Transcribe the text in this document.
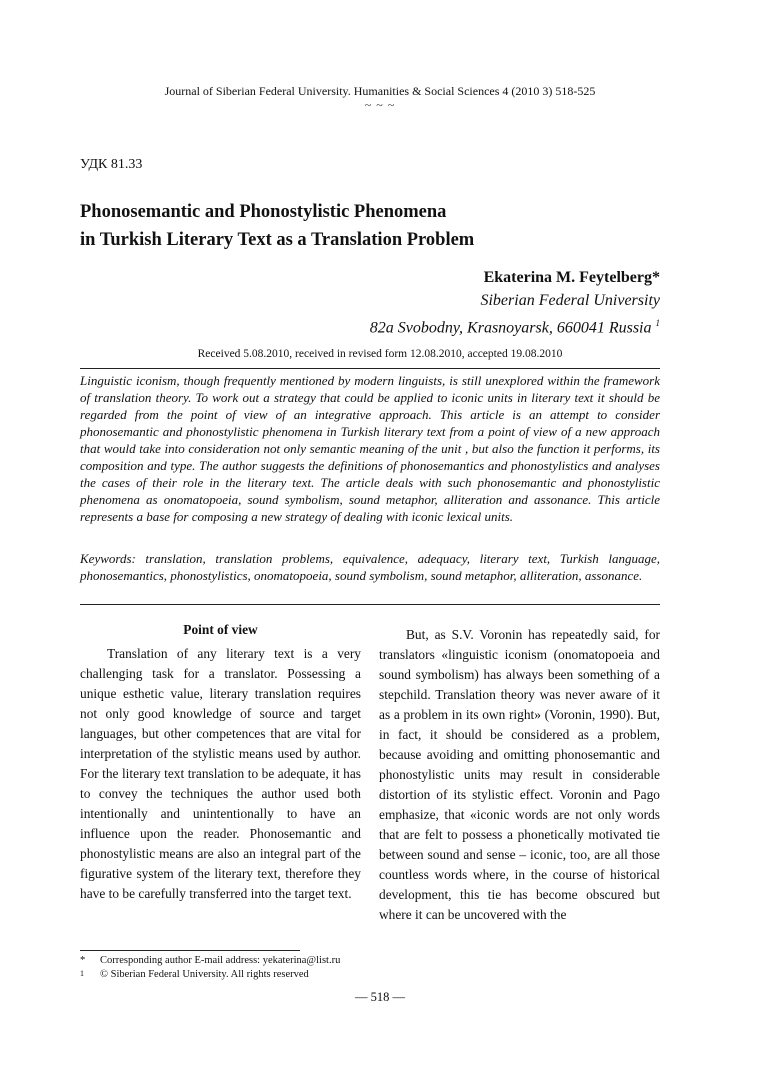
Journal of Siberian Federal University. Humanities & Social Sciences 4 (2010 3) 518-525
~ ~ ~
УДК 81.33
Phonosemantic and Phonostylistic Phenomena
in Turkish Literary Text as a Translation Problem
Ekaterina M. Feytelberg*
Siberian Federal University
82a Svobodny, Krasnoyarsk, 660041 Russia $^1$
Received 5.08.2010, received in revised form 12.08.2010, accepted 19.08.2010
Linguistic iconism, though frequently mentioned by modern linguists, is still unexplored within the framework of translation theory. To work out a strategy that could be applied to iconic units in literary text it should be regarded from the point of view of an integrative approach. This article is an attempt to consider phonosemantic and phonostylistic phenomena in Turkish literary text from a point of view of a new approach that would take into consideration not only semantic meaning of the unit , but also the function it performs, its composition and type. The author suggests the definitions of phonosemantics and phonostylistics and analyses the cases of their role in the literary text. The article deals with such phonosemantic and phonostylistic phenomena as onomatopoeia, sound symbolism, sound metaphor, alliteration and assonance. This article represents a base for composing a new strategy of dealing with iconic lexical units.
Keywords: translation, translation problems, equivalence, adequacy, literary text, Turkish language, phonosemantics, phonostylistics, onomatopoeia, sound symbolism, sound metaphor, alliteration, assonance.
Point of view

Translation of any literary text is a very challenging task for a translator. Possessing a unique esthetic value, literary translation requires not only good knowledge of source and target languages, but other competences that are vital for interpretation of the stylistic means used by author. For the literary text translation to be adequate, it has to convey the techniques the author used both intentionally and unintentionally to have an influence upon the reader. Phonosemantic and phonostylistic means are also an integral part of the figurative system of the literary text, therefore they have to be carefully transferred into the target text.

But, as S.V. Voronin has repeatedly said, for translators «linguistic iconism (onomatopoeia and sound symbolism) has always been something of a stepchild. Translation theory was never aware of it as a problem in its own right» (Voronin, 1990). But, in fact, it should be considered as a problem, because avoiding and omitting phonosemantic and phonostylistic units may result in considerable distortion of its stylistic effect. Voronin and Pago emphasize, that «iconic words are not only words that are felt to possess a phonetically motivated tie between sound and sense – iconic, too, are all those countless words where, in the course of historical development, this tie has become obscured but where it can be uncovered with the

* Corresponding author E-mail address: yekaterina@list.ru
1 © Siberian Federal University. All rights reserved
— 518 —
